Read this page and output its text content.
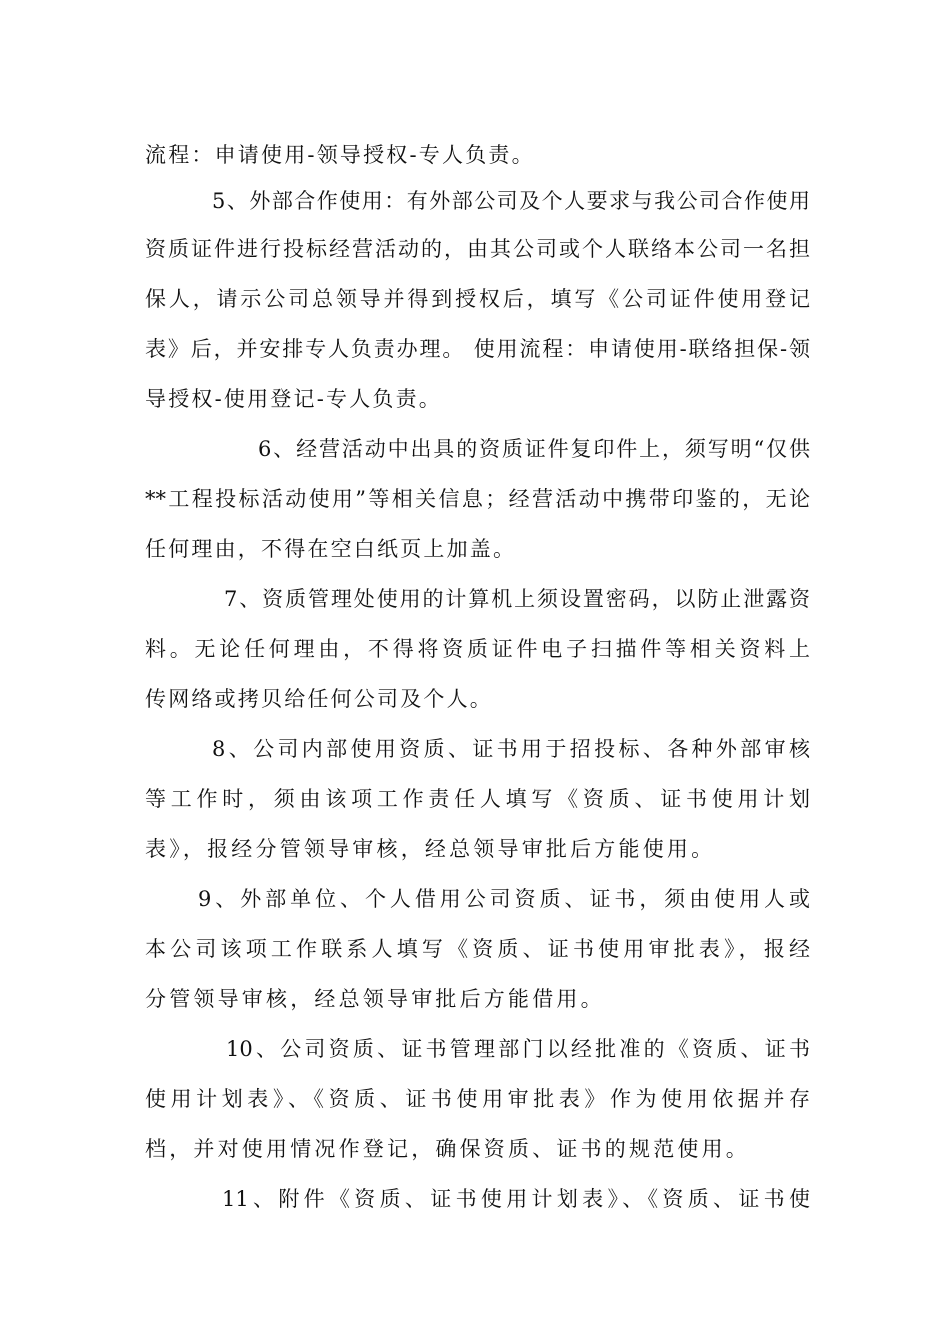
流程：申请使用-领导授权-专人负责。
5、外部合作使用：有外部公司及个人要求与我公司合作使用
资质证件进行投标经营活动的，由其公司或个人联络本公司一名担
保人，请示公司总领导并得到授权后，填写《公司证件使用登记
表》后，并安排专人负责办理。 使用流程：申请使用-联络担保-领
导授权-使用登记-专人负责。
6、经营活动中出具的资质证件复印件上，须写明“仅供
**工程投标活动使用”等相关信息；经营活动中携带印鉴的，无论
任何理由，不得在空白纸页上加盖。
7、资质管理处使用的计算机上须设置密码，以防止泄露资
料。无论任何理由，不得将资质证件电子扫描件等相关资料上
传网络或拷贝给任何公司及个人。
8、公司内部使用资质、证书用于招投标、各种外部审核
等工作时，须由该项工作责任人填写《资质、证书使用计划
表》，报经分管领导审核，经总领导审批后方能使用。
9、外部单位、个人借用公司资质、证书，须由使用人或
本公司该项工作联系人填写《资质、证书使用审批表》，报经
分管领导审核，经总领导审批后方能借用。
10、公司资质、证书管理部门以经批准的《资质、证书
使用计划表》、《资质、证书使用审批表》作为使用依据并存
档，并对使用情况作登记，确保资质、证书的规范使用。
11、附件《资质、证书使用计划表》、《资质、证书使
